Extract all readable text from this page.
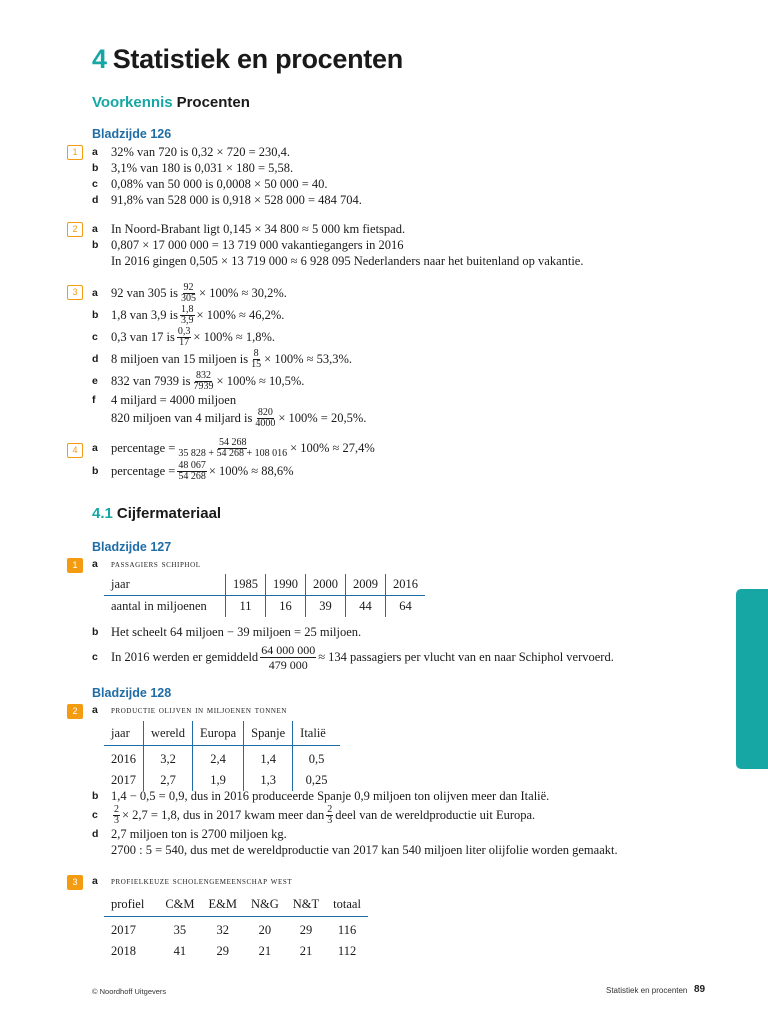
4 Statistiek en procenten
Voorkennis Procenten
Bladzijde 126
1	a	32% van 720 is 0,32 × 720 = 230,4.
b	3,1% van 180 is 0,031 × 180 = 5,58.
c	0,08% van 50 000 is 0,0008 × 50 000 = 40.
d	91,8% van 528 000 is 0,918 × 528 000 = 484 704.
2	a	In Noord-Brabant ligt 0,145 × 34 800 ≈ 5 000 km fietspad.
b	0,807 × 17 000 000 = 13 719 000 vakantiegangers in 2016
In 2016 gingen 0,505 × 13 719 000 ≈ 6 928 095 Nederlanders naar het buitenland op vakantie.
3	a	92 van 305 is $\frac{92}{305} \times 100\% \approx 30,2\%$.
b	1,8 van 3,9 is $\frac{1,8}{3,9} \times 100\% \approx 46,2\%$.
c	0,3 van 17 is $\frac{0,3}{17} \times 100\% \approx 1,8\%$.
d	8 miljoen van 15 miljoen is $\frac{8}{15} \times 100\% \approx 53,3\%$.
e	832 van 7939 is $\frac{832}{7939} \times 100\% \approx 10,5\%$.
f	4 miljard = 4000 miljoen
820 miljoen van 4 miljard is $\frac{820}{4000} \times 100\% = 20,5\%$.
4	a	percentage = $\frac{54 268}{35 828 + 54 268 + 108 016} \times 100\% \approx 27,4\%$
b	percentage = $\frac{48 067}{54 268} \times 100\% \approx 88,6\%$
4.1 Cijfermateriaal
Bladzijde 127
1	a	passagiers schiphol
jaar	1985	1990	2000	2009	2016
aantal in miljoenen	11	16	39	44	64
b	Het scheelt 64 miljoen − 39 miljoen = 25 miljoen.
c	In 2016 werden er gemiddeld $\frac{64 000 000}{479 000} \approx 134$ passagiers per vlucht van en naar Schiphol vervoerd.
Bladzijde 128
2	a	productie olijven in miljoenen tonnen
jaar	wereld	Europa	Spanje	Italië
2016	3,2	2,4	1,4	0,5
2017	2,7	1,9	1,3	0,25
b	1,4 − 0,5 = 0,9, dus in 2016 produceerde Spanje 0,9 miljoen ton olijven meer dan Italië.
c	$\frac{2}{3} \times 2,7 = 1,8$, dus in 2017 kwam meer dan $\frac{2}{3}$ deel van de wereldproductie uit Europa.
d	2,7 miljoen ton is 2700 miljoen kg.
2700 : 5 = 540, dus met de wereldproductie van 2017 kan 540 miljoen liter olijfolie worden gemaakt.
3	a	profielkeuze scholengemeenschap west
profiel	C&M	E&M	N&G	N&T	totaal
2017	35	32	20	29	116
2018	41	29	21	21	112
© Noordhoff Uitgevers	Statistiek en procenten 89
